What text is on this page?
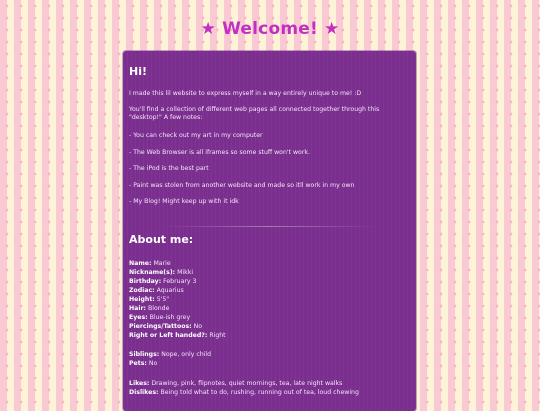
★ Welcome! ★
Hi!
I made this lil website to express myself in a way entirely unique to me! :D
You'll find a collection of different web pages all connected together through this "desktop!" A few notes:
- You can check out my art in my computer
- The Web Browser is all iframes so some stuff won't work.
- The iPod is the best part
- Paint was stolen from another website and made so itll work in my own
- My Blog! Might keep up with it idk
About me:
Name: Marie
Nickname(s): Mikki
Birthday: February 3
Zodiac: Aquarius
Height: 5'5"
Hair: Blonde
Eyes: Blue-ish grey
Piercings/Tattoos: No
Right or Left handed?: Right
Siblings: Nope, only child
Pets: No
Likes: Drawing, pink, flipnotes, quiet mornings, tea, late night walks
Dislikes: Being told what to do, rushing, running out of tea, loud chewing
